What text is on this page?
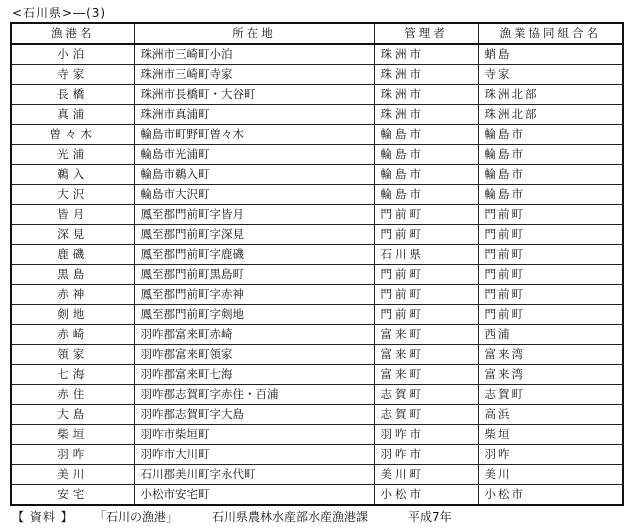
<石川県>―(3)
漁港名	所在地	管理者	漁業協同組合名
小泊	珠洲市三崎町小泊	珠洲市	蛸島
寺家	珠洲市三崎町寺家	珠洲市	寺家
長橋	珠洲市長橋町・大谷町	珠洲市	珠洲北部
真浦	珠洲市真浦町	珠洲市	珠洲北部
曽々木	輪島市町野町曽々木	輪島市	輪島市
光浦	輪島市光浦町	輪島市	輪島市
鵜入	輪島市鵜入町	輪島市	輪島市
大沢	輪島市大沢町	輪島市	輪島市
皆月	鳳至郡門前町字皆月	門前町	門前町
深見	鳳至郡門前町字深見	門前町	門前町
鹿磯	鳳至郡門前町字鹿磯	石川県	門前町
黒島	鳳至郡門前町黒島町	門前町	門前町
赤神	鳳至郡門前町字赤神	門前町	門前町
剣地	鳳至郡門前町字剣地	門前町	門前町
赤崎	羽咋郡富来町赤崎	富来町	西浦
領家	羽咋郡富来町領家	富来町	富来湾
七海	羽咋郡富来町七海	富来町	富来湾
赤住	羽咋郡志賀町字赤住・百浦	志賀町	志賀町
大島	羽咋郡志賀町字大島	志賀町	高浜
柴垣	羽咋市柴垣町	羽咋市	柴垣
羽咋	羽咋市大川町	羽咋市	羽咋
美川	石川郡美川町字永代町	美川町	美川
安宅	小松市安宅町	小松市	小松市
【 資料 】	「石川の漁港」	石川県農林水産部水産漁港課	平成7年
